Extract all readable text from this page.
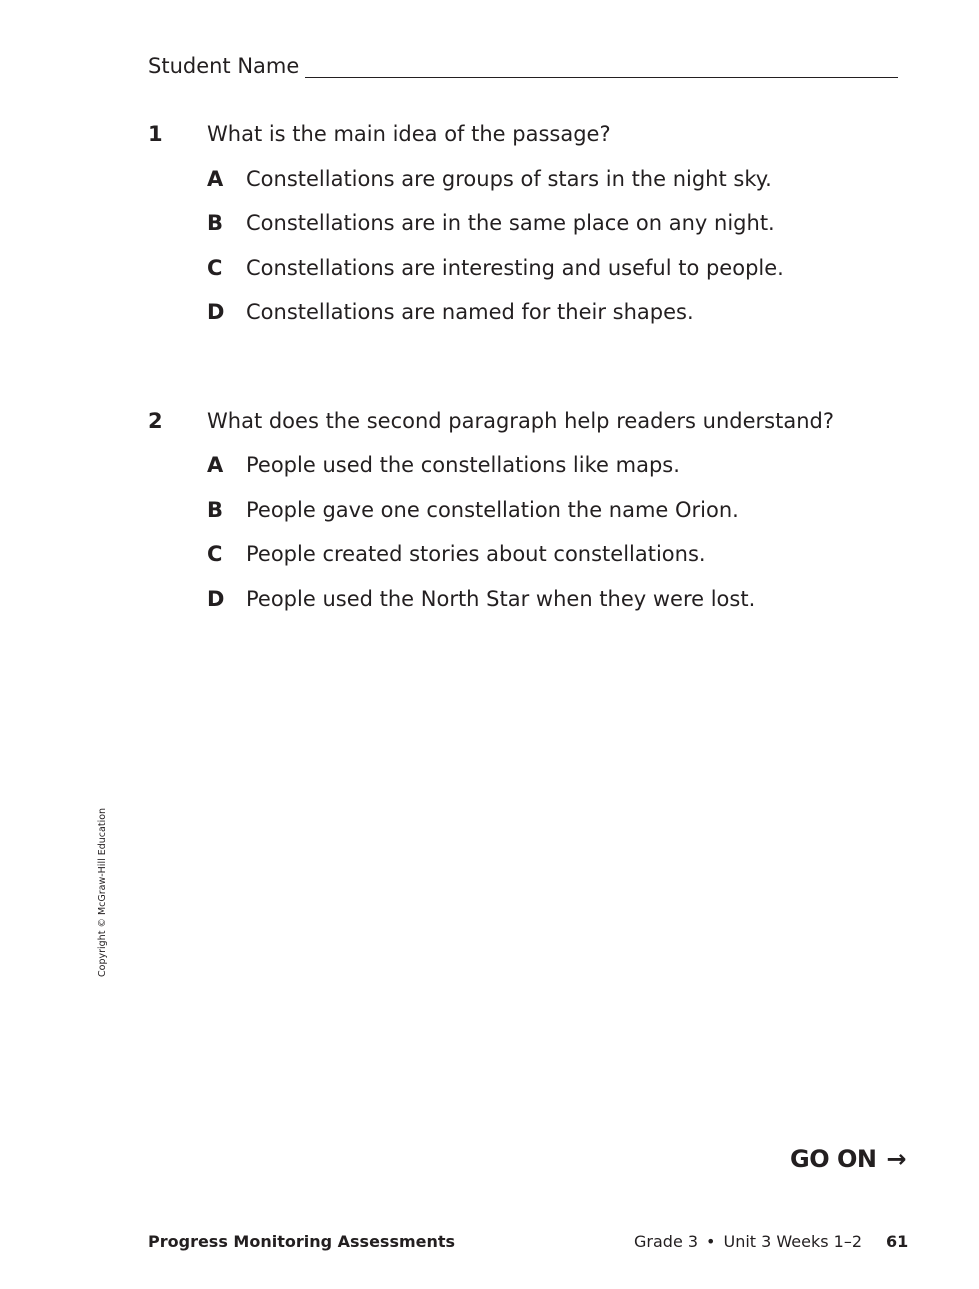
Student Name
1 What is the main idea of the passage?
A	Constellations are groups of stars in the night sky.
B	Constellations are in the same place on any night.
C	Constellations are interesting and useful to people.
D	Constellations are named for their shapes.
2 What does the second paragraph help readers understand?
A	People used the constellations like maps.
B	People gave one constellation the name Orion.
C	People created stories about constellations.
D	People used the North Star when they were lost.
Copyright © McGraw-Hill Education
GO ON →
Progress Monitoring Assessments	Grade 3 • Unit 3 Weeks 1–2 61
